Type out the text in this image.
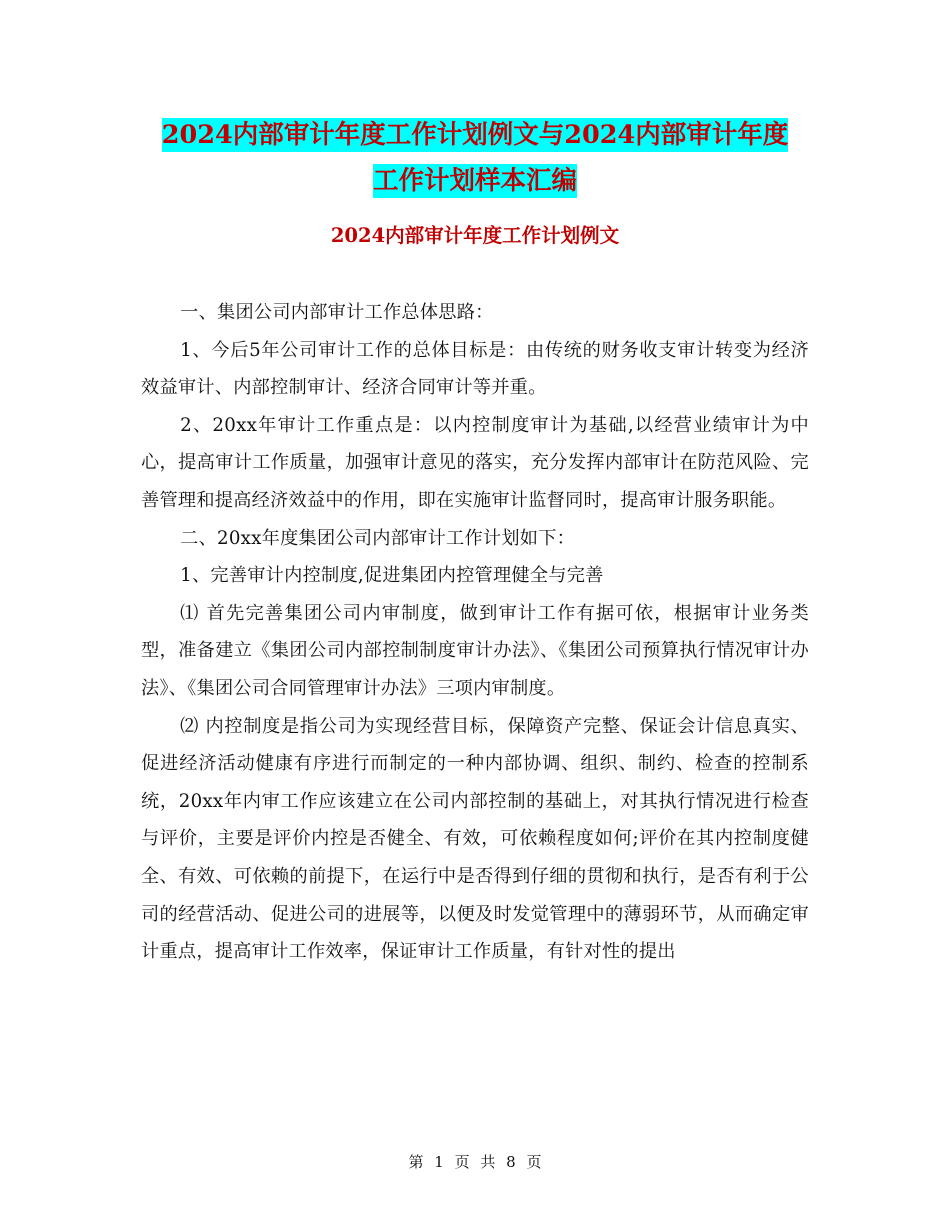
2024内部审计年度工作计划例文与2024内部审计年度
工作计划样本汇编
2024内部审计年度工作计划例文

一、集团公司内部审计工作总体思路：

1、今后5年公司审计工作的总体目标是：由传统的财务收支审计转变为经济效益审计、内部控制审计、经济合同审计等并重。

2、20xx年审计工作重点是：以内控制度审计为基础,以经营业绩审计为中心，提高审计工作质量，加强审计意见的落实，充分发挥内部审计在防范风险、完善管理和提高经济效益中的作用，即在实施审计监督同时，提高审计服务职能。

二、20xx年度集团公司内部审计工作计划如下：

1、完善审计内控制度,促进集团内控管理健全与完善

⑴ 首先完善集团公司内审制度，做到审计工作有据可依，根据审计业务类型，准备建立《集团公司内部控制制度审计办法》、《集团公司预算执行情况审计办法》、《集团公司合同管理审计办法》三项内审制度。

⑵ 内控制度是指公司为实现经营目标，保障资产完整、保证会计信息真实、促进经济活动健康有序进行而制定的一种内部协调、组织、制约、检查的控制系统，20xx年内审工作应该建立在公司内部控制的基础上，对其执行情况进行检查与评价，主要是评价内控是否健全、有效，可依赖程度如何;评价在其内控制度健全、有效、可依赖的前提下，在运行中是否得到仔细的贯彻和执行，是否有利于公司的经营活动、促进公司的进展等，以便及时发觉管理中的薄弱环节，从而确定审计重点，提高审计工作效率，保证审计工作质量，有针对性的提出

第 1 页 共 8 页
